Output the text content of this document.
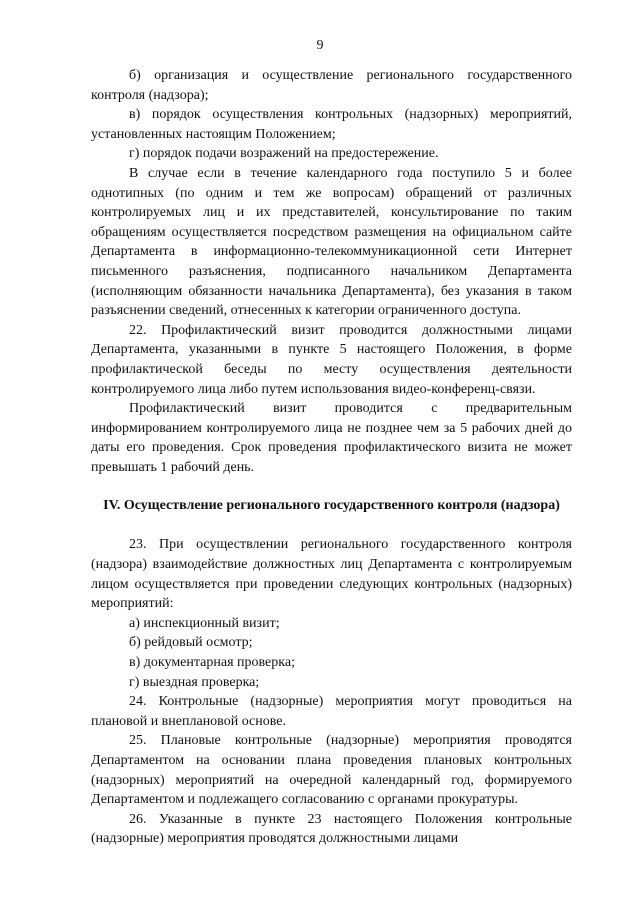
9

б) организация и осуществление регионального государственного контроля (надзора);

в) порядок осуществления контрольных (надзорных) мероприятий, установленных настоящим Положением;

г) порядок подачи возражений на предостережение.

В случае если в течение календарного года поступило 5 и более однотипных (по одним и тем же вопросам) обращений от различных контролируемых лиц и их представителей, консультирование по таким обращениям осуществляется посредством размещения на официальном сайте Департамента в информационно-телекоммуникационной сети Интернет письменного разъяснения, подписанного начальником Департамента (исполняющим обязанности начальника Департамента), без указания в таком разъяснении сведений, отнесенных к категории ограниченного доступа.

22. Профилактический визит проводится должностными лицами Департамента, указанными в пункте 5 настоящего Положения, в форме профилактической беседы по месту осуществления деятельности контролируемого лица либо путем использования видео-конференц-связи.

Профилактический визит проводится с предварительным информированием контролируемого лица не позднее чем за 5 рабочих дней до даты его проведения. Срок проведения профилактического визита не может превышать 1 рабочий день.

IV. Осуществление регионального государственного контроля (надзора)

23. При осуществлении регионального государственного контроля (надзора) взаимодействие должностных лиц Департамента с контролируемым лицом осуществляется при проведении следующих контрольных (надзорных) мероприятий:

а) инспекционный визит;

б) рейдовый осмотр;

в) документарная проверка;

г) выездная проверка;

24. Контрольные (надзорные) мероприятия могут проводиться на плановой и внеплановой основе.

25. Плановые контрольные (надзорные) мероприятия проводятся Департаментом на основании плана проведения плановых контрольных (надзорных) мероприятий на очередной календарный год, формируемого Департаментом и подлежащего согласованию с органами прокуратуры.

26. Указанные в пункте 23 настоящего Положения контрольные (надзорные) мероприятия проводятся должностными лицами
